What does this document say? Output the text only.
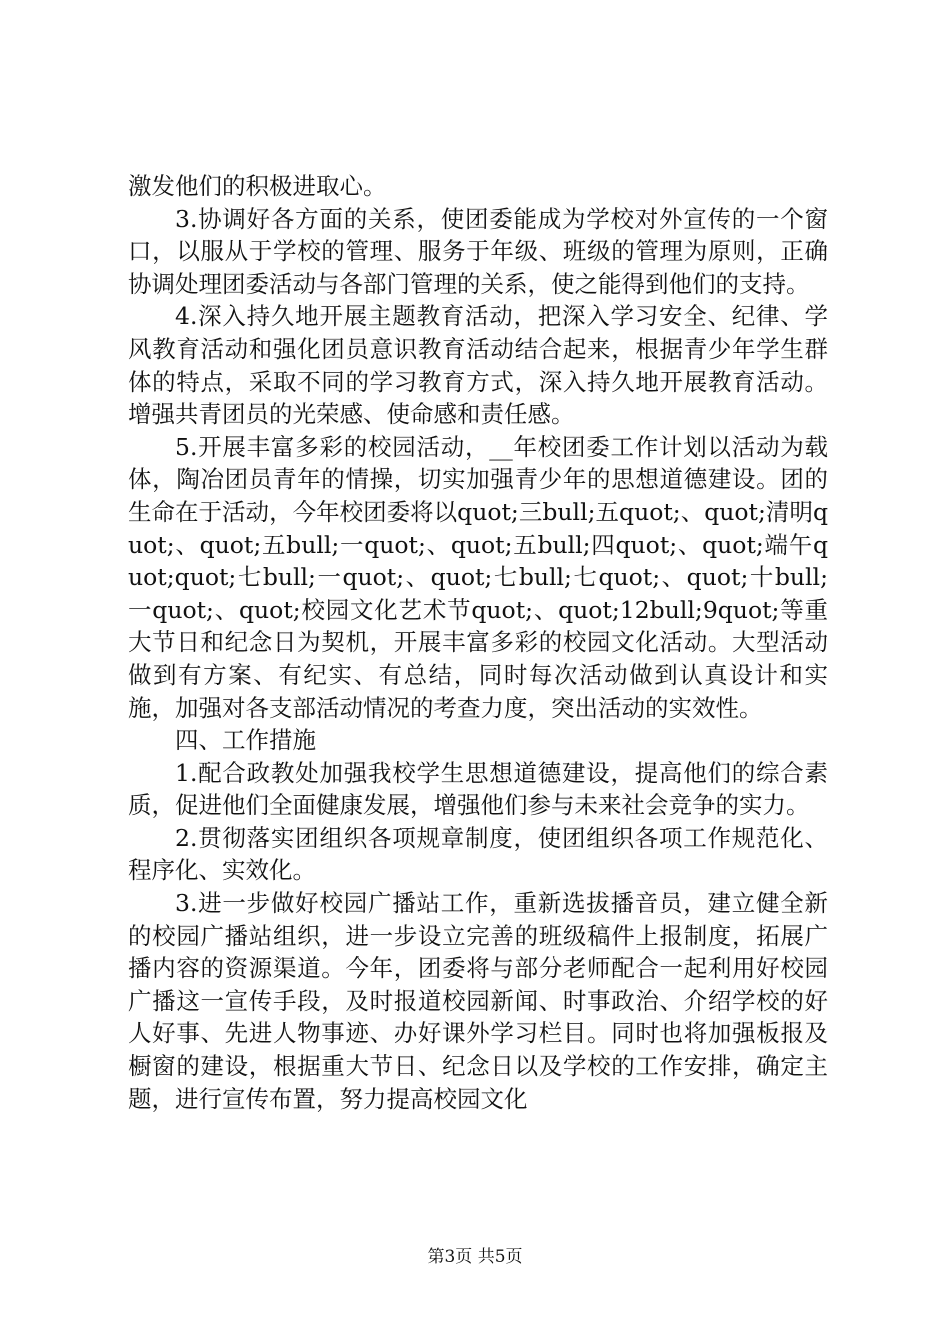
激发他们的积极进取心。

3.协调好各方面的关系，使团委能成为学校对外宣传的一个窗口，以服从于学校的管理、服务于年级、班级的管理为原则，正确协调处理团委活动与各部门管理的关系，使之能得到他们的支持。

4.深入持久地开展主题教育活动，把深入学习安全、纪律、学风教育活动和强化团员意识教育活动结合起来，根据青少年学生群体的特点，采取不同的学习教育方式，深入持久地开展教育活动。增强共青团员的光荣感、使命感和责任感。

5.开展丰富多彩的校园活动，__年校团委工作计划以活动为载体，陶冶团员青年的情操，切实加强青少年的思想道德建设。团的生命在于活动，今年校团委将以quot;三bull;五quot;、quot;清明quot;、quot;五bull;一quot;、quot;五bull;四quot;、quot;端午quot;quot;七bull;一quot;、quot;七bull;七quot;、quot;十bull;一quot;、quot;校园文化艺术节quot;、quot;12bull;9quot;等重大节日和纪念日为契机，开展丰富多彩的校园文化活动。大型活动做到有方案、有纪实、有总结，同时每次活动做到认真设计和实施，加强对各支部活动情况的考查力度，突出活动的实效性。

四、工作措施

1.配合政教处加强我校学生思想道德建设，提高他们的综合素质，促进他们全面健康发展，增强他们参与未来社会竞争的实力。

2.贯彻落实团组织各项规章制度，使团组织各项工作规范化、程序化、实效化。

3.进一步做好校园广播站工作，重新选拔播音员，建立健全新的校园广播站组织，进一步设立完善的班级稿件上报制度，拓展广播内容的资源渠道。今年，团委将与部分老师配合一起利用好校园广播这一宣传手段，及时报道校园新闻、时事政治、介绍学校的好人好事、先进人物事迹、办好课外学习栏目。同时也将加强板报及橱窗的建设，根据重大节日、纪念日以及学校的工作安排，确定主题，进行宣传布置，努力提高校园文化

第3页 共5页
